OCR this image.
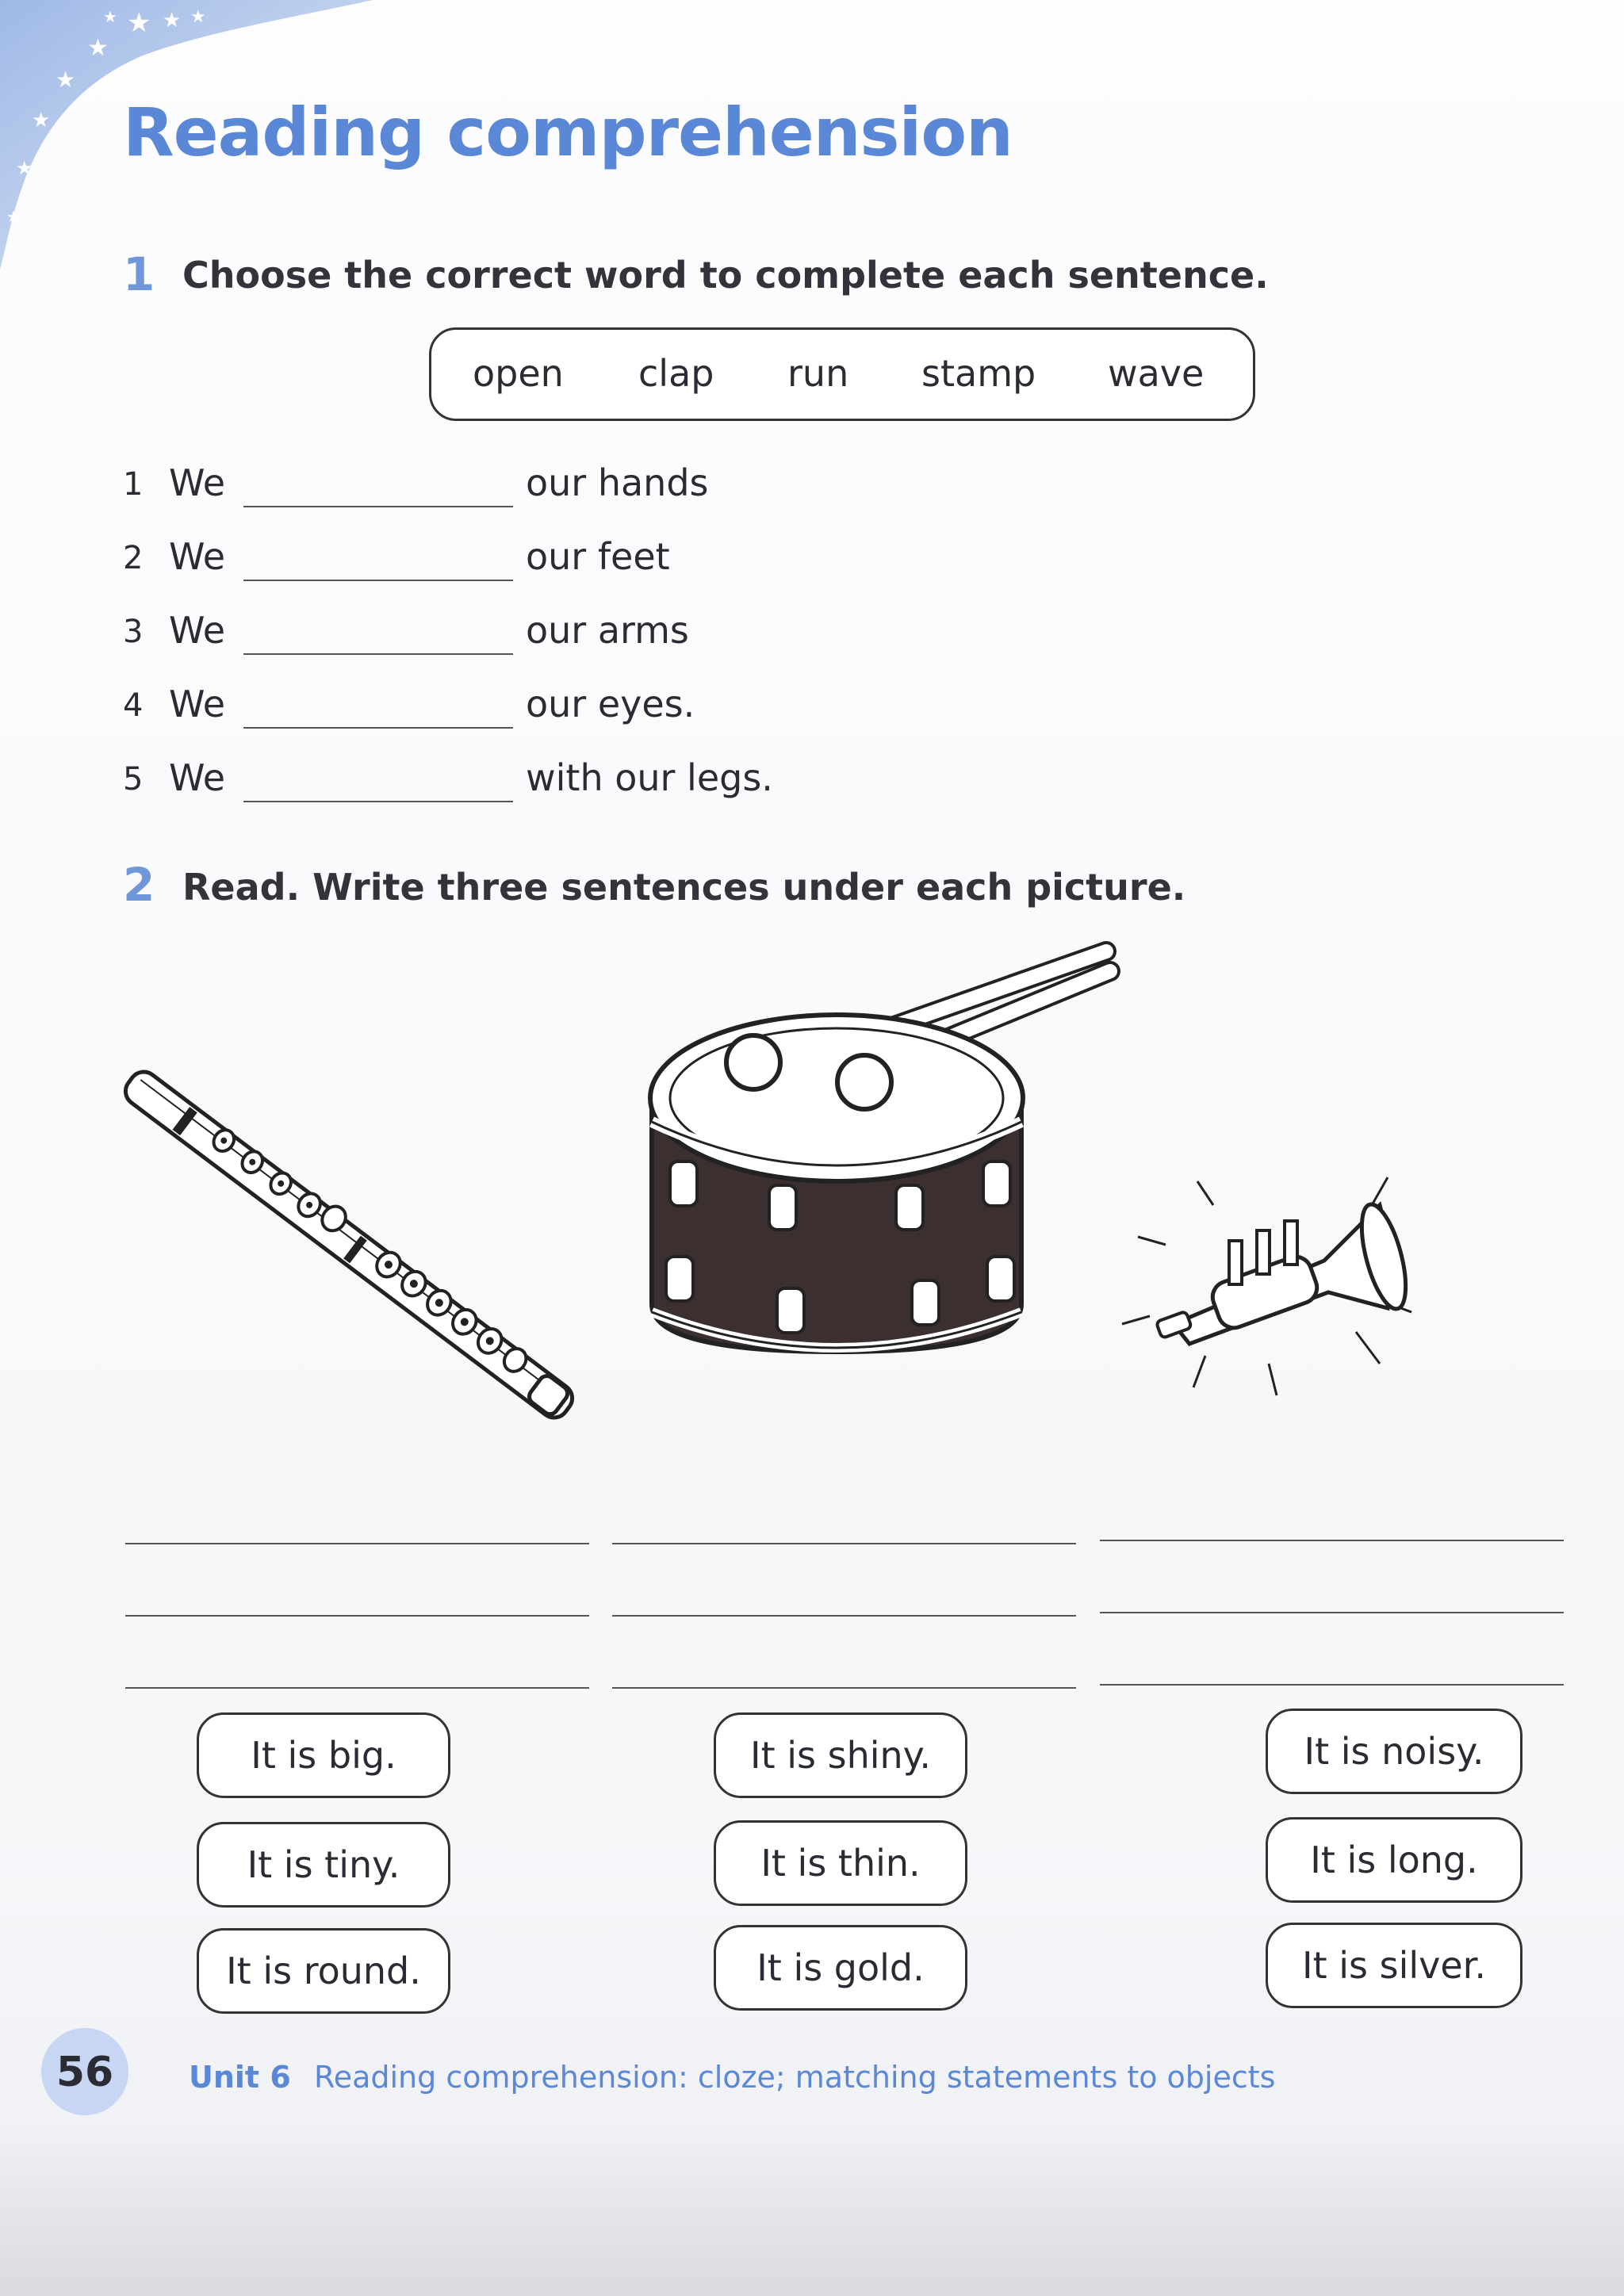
★ ★ ★
★
★
★
★
★
★
Reading comprehension
1 Choose the correct word to complete each sentence.
open clap run stamp wave
1 We	our hands
2 We	our feet
3 We	our arms
4 We	our eyes.
5 We	with our legs.
2 Read. Write three sentences under each picture.
It is big.
It is tiny.
It is round.
It is shiny.
It is thin.
It is gold.
It is noisy.
It is long.
It is silver.
56	Unit 6 Reading comprehension: cloze; matching statements to objects
